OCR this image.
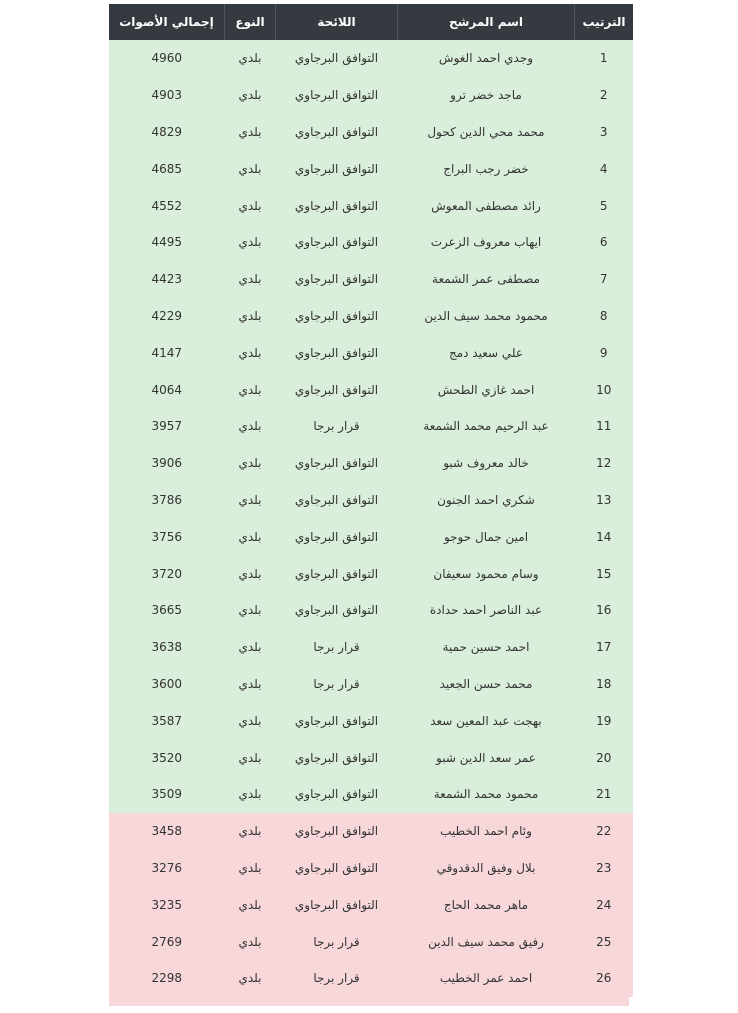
الترتيب	اسم المرشح	اللائحة	النوع	إجمالي الأصوات
1	وجدي احمد الغوش	التوافق البرجاوي	بلدي	4960
2	ماجد خضر ترو	التوافق البرجاوي	بلدي	4903
3	محمد محي الدين كحول	التوافق البرجاوي	بلدي	4829
4	خضر رجب البراج	التوافق البرجاوي	بلدي	4685
5	رائد مصطفى المعوش	التوافق البرجاوي	بلدي	4552
6	ايهاب معروف الزعرت	التوافق البرجاوي	بلدي	4495
7	مصطفى عمر الشمعة	التوافق البرجاوي	بلدي	4423
8	محمود محمد سيف الدين	التوافق البرجاوي	بلدي	4229
9	علي سعيد دمج	التوافق البرجاوي	بلدي	4147
10	احمد غازي الطحش	التوافق البرجاوي	بلدي	4064
11	عبد الرحيم محمد الشمعة	قرار برجا	بلدي	3957
12	خالد معروف شبو	التوافق البرجاوي	بلدي	3906
13	شكري احمد الجنون	التوافق البرجاوي	بلدي	3786
14	امين جمال حوجو	التوافق البرجاوي	بلدي	3756
15	وسام محمود سعيفان	التوافق البرجاوي	بلدي	3720
16	عبد الناصر احمد حدادة	التوافق البرجاوي	بلدي	3665
17	احمد حسين حمية	قرار برجا	بلدي	3638
18	محمد حسن الجعيد	قرار برجا	بلدي	3600
19	بهجت عبد المعين سعد	التوافق البرجاوي	بلدي	3587
20	عمر سعد الدين شبو	التوافق البرجاوي	بلدي	3520
21	محمود محمد الشمعة	التوافق البرجاوي	بلدي	3509
22	وئام احمد الخطيب	التوافق البرجاوي	بلدي	3458
23	بلال وفيق الدقدوقي	التوافق البرجاوي	بلدي	3276
24	ماهر محمد الحاج	التوافق البرجاوي	بلدي	3235
25	رفيق محمد سيف الدين	قرار برجا	بلدي	2769
26	احمد عمر الخطيب	قرار برجا	بلدي	2298
